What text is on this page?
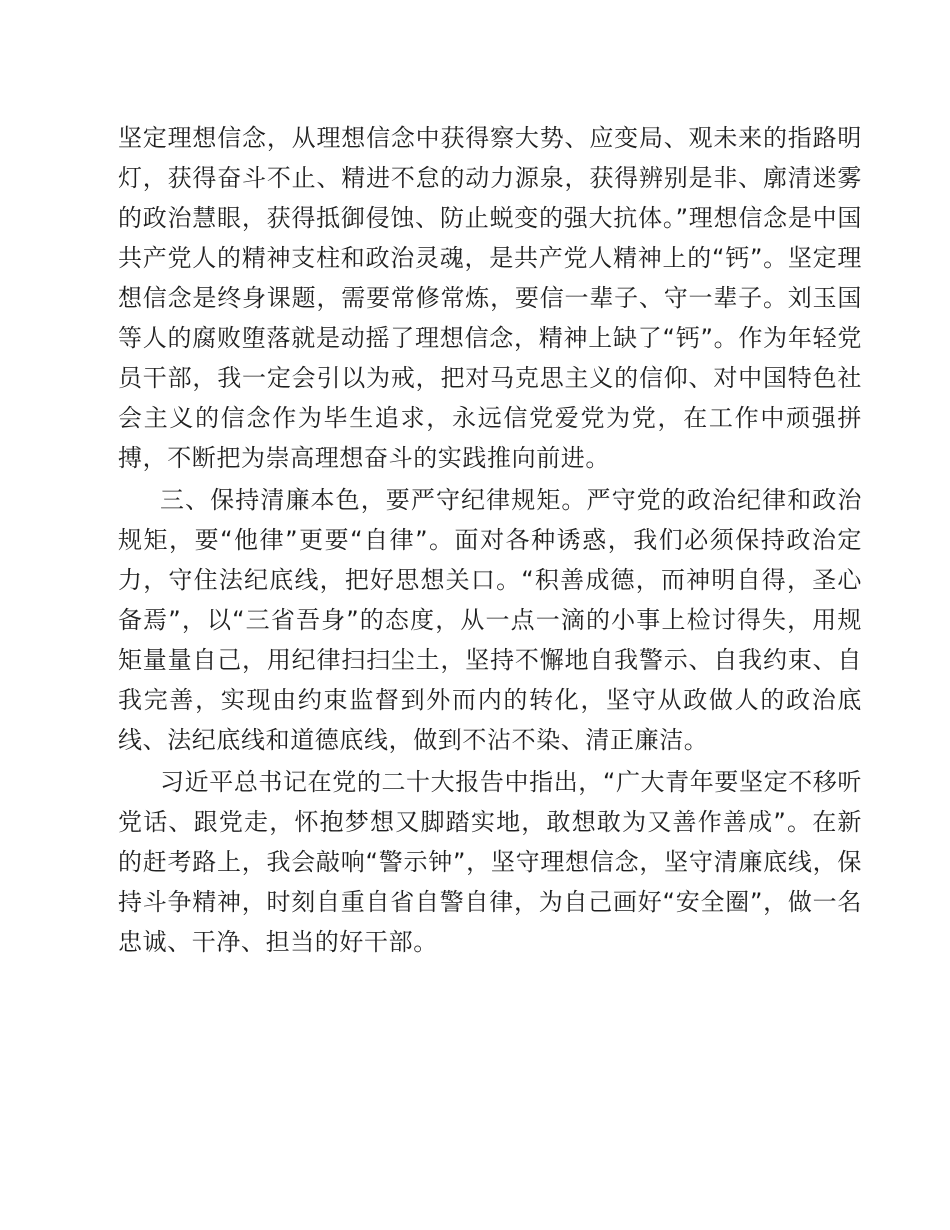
坚定理想信念，从理想信念中获得察大势、应变局、观未来的指路明灯，获得奋斗不止、精进不怠的动力源泉，获得辨别是非、廓清迷雾的政治慧眼，获得抵御侵蚀、防止蜕变的强大抗体。”理想信念是中国共产党人的精神支柱和政治灵魂，是共产党人精神上的“钙”。坚定理想信念是终身课题，需要常修常炼，要信一辈子、守一辈子。刘玉国等人的腐败堕落就是动摇了理想信念，精神上缺了“钙”。作为年轻党员干部，我一定会引以为戒，把对马克思主义的信仰、对中国特色社会主义的信念作为毕生追求，永远信党爱党为党，在工作中顽强拼搏，不断把为崇高理想奋斗的实践推向前进。

三、保持清廉本色，要严守纪律规矩。严守党的政治纪律和政治规矩，要“他律”更要“自律”。面对各种诱惑，我们必须保持政治定力，守住法纪底线，把好思想关口。“积善成德，而神明自得，圣心备焉”，以“三省吾身”的态度，从一点一滴的小事上检讨得失，用规矩量量自己，用纪律扫扫尘土，坚持不懈地自我警示、自我约束、自我完善，实现由约束监督到外而内的转化，坚守从政做人的政治底线、法纪底线和道德底线，做到不沾不染、清正廉洁。

习近平总书记在党的二十大报告中指出，“广大青年要坚定不移听党话、跟党走，怀抱梦想又脚踏实地，敢想敢为又善作善成”。在新的赶考路上，我会敲响“警示钟”，坚守理想信念，坚守清廉底线，保持斗争精神，时刻自重自省自警自律，为自己画好“安全圈”，做一名忠诚、干净、担当的好干部。
